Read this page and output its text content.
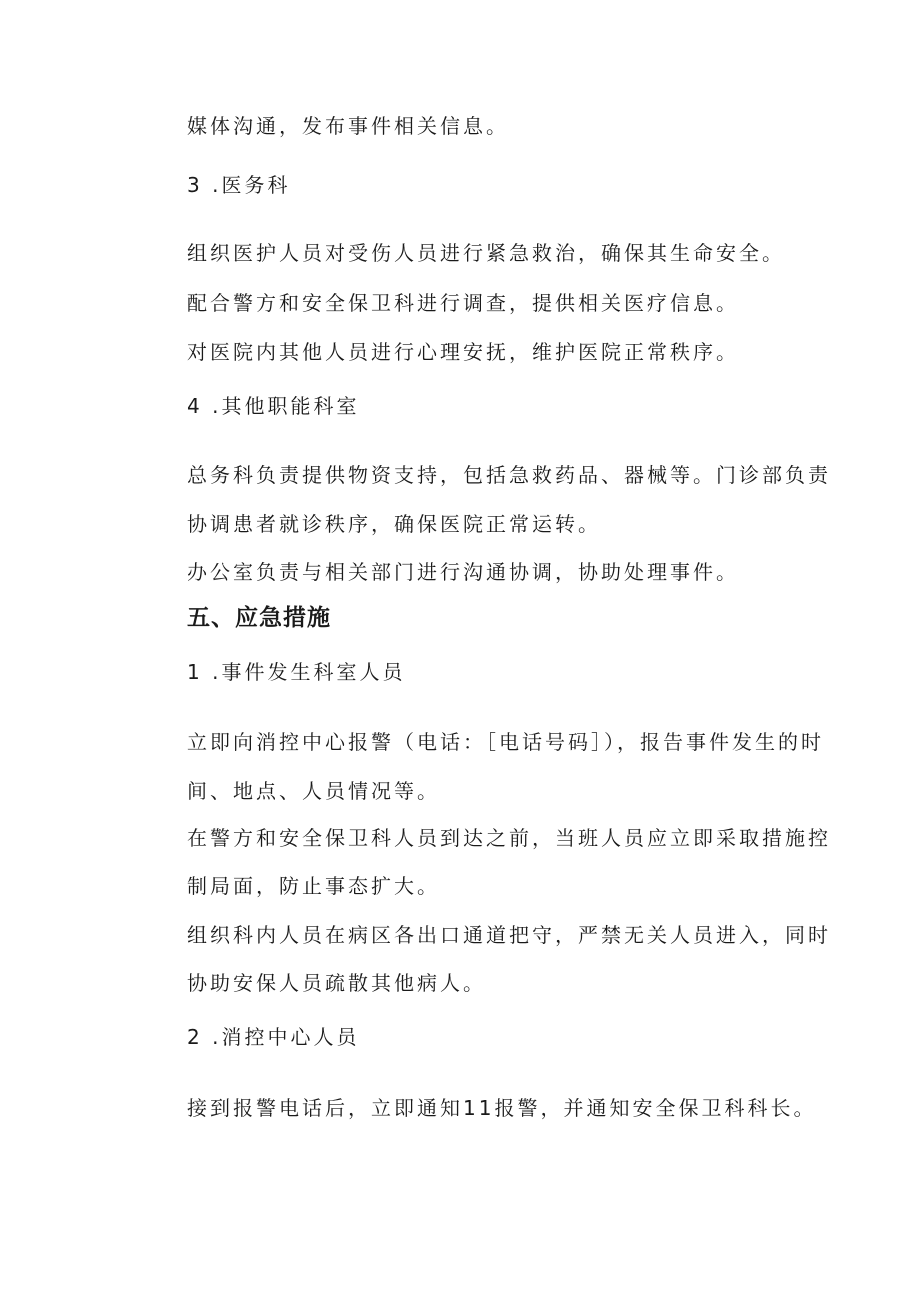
媒体沟通，发布事件相关信息。
3 .医务科
组织医护人员对受伤人员进行紧急救治，确保其生命安全。
配合警方和安全保卫科进行调查，提供相关医疗信息。
对医院内其他人员进行心理安抚，维护医院正常秩序。
4 .其他职能科室
总务科负责提供物资支持，包括急救药品、器械等。门诊部负责
协调患者就诊秩序，确保医院正常运转。
办公室负责与相关部门进行沟通协调，协助处理事件。
五、应急措施
1 .事件发生科室人员
立即向消控中心报警（电话：［电话号码］），报告事件发生的时
间、地点、人员情况等。
在警方和安全保卫科人员到达之前，当班人员应立即采取措施控
制局面，防止事态扩大。
组织科内人员在病区各出口通道把守，严禁无关人员进入，同时
协助安保人员疏散其他病人。
2 .消控中心人员
接到报警电话后，立即通知11报警，并通知安全保卫科科长。
